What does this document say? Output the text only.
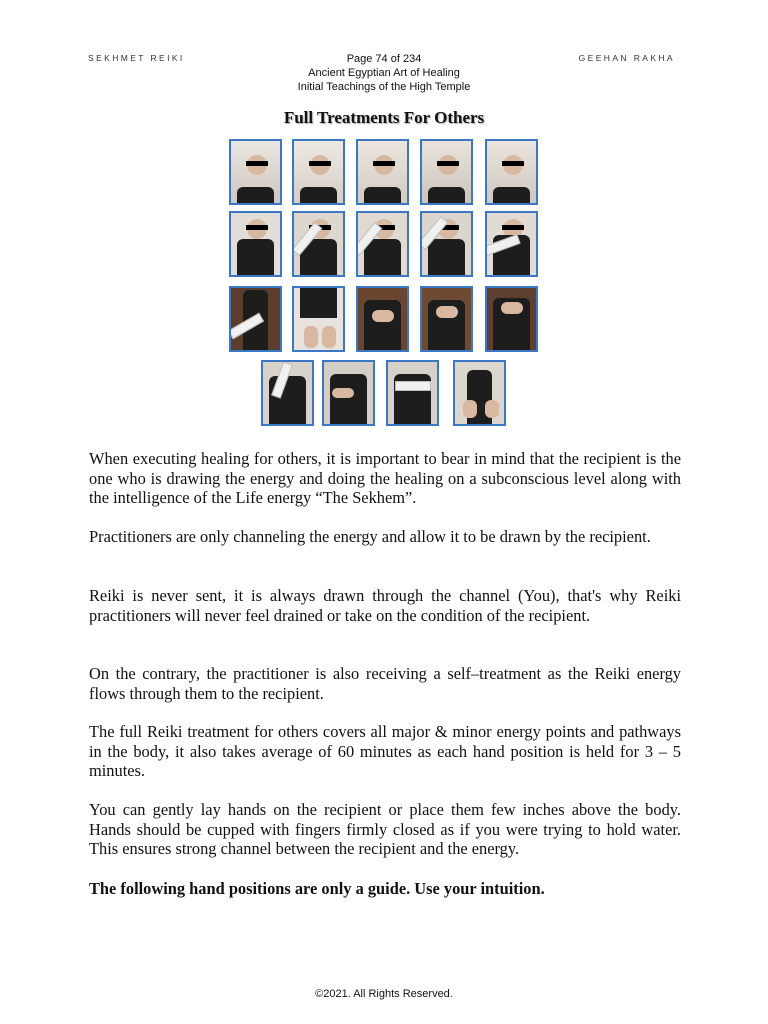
SEKHMET REIKI	Page 74 of 234
Ancient Egyptian Art of Healing
Initial Teachings of the High Temple
GEEHAN RAKHA
Full Treatments For Others
When executing healing for others, it is important to bear in mind that the recipient is the one who is drawing the energy and doing the healing on a subconscious level along with the intelligence of the Life energy “The Sekhem”.
Practitioners are only channeling the energy and allow it to be drawn by the recipient.
Reiki is never sent, it is always drawn through the channel (You), that's why Reiki practitioners will never feel drained or take on the condition of the recipient.
On the contrary, the practitioner is also receiving a self–treatment as the Reiki energy flows through them to the recipient.
The full Reiki treatment for others covers all major & minor energy points and pathways in the body, it also takes average of 60 minutes as each hand position is held for 3 – 5 minutes.
You can gently lay hands on the recipient or place them few inches above the body. Hands should be cupped with fingers firmly closed as if you were trying to hold water. This ensures strong channel between the recipient and the energy.
The following hand positions are only a guide. Use your intuition.
©2021. All Rights Reserved.
